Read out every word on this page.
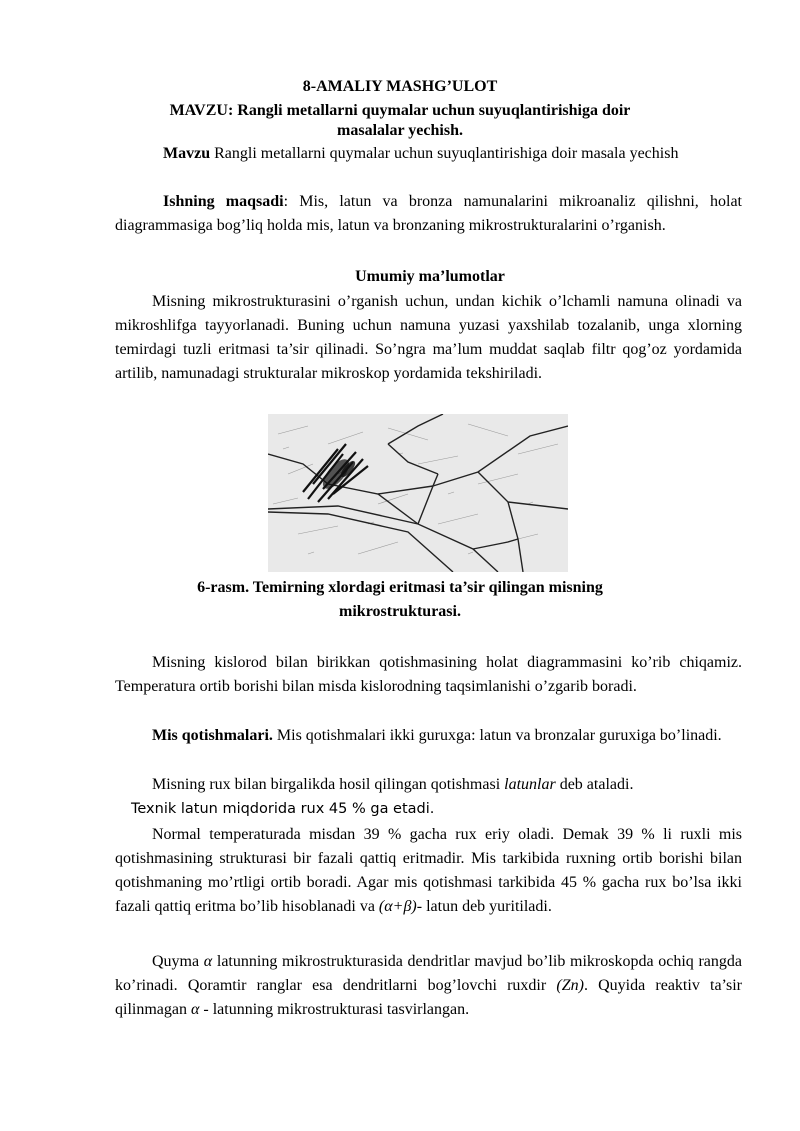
8-AMALIY MASHG’ULOT
MAVZU: Rangli metallarni quymalar uchun suyuqlantirishiga doir
masalalar yechish.

Mavzu Rangli metallarni quymalar uchun suyuqlantirishiga doir masala yechish

Ishning maqsadi: Mis, latun va bronza namunalarini mikroanaliz qilishni, holat diagrammasiga bog’liq holda mis, latun va bronzaning mikrostrukturalarini o’rganish.

Umumiy ma’lumotlar

Misning mikrostrukturasini o’rganish uchun, undan kichik o’lchamli namuna olinadi va mikroshlifga tayyorlanadi. Buning uchun namuna yuzasi yaxshilab tozalanib, unga xlorning temirdagi tuzli eritmasi ta’sir qilinadi. So’ngra ma’lum muddat saqlab filtr qog’oz yordamida artilib, namunadagi strukturalar mikroskop yordamida tekshiriladi.

6-rasm. Temirning xlordagi eritmasi ta’sir qilingan misning
mikrostrukturasi.

Misning kislorod bilan birikkan qotishmasining holat diagrammasini ko’rib chiqamiz. Temperatura ortib borishi bilan misda kislorodning taqsimlanishi o’zgarib boradi.

Mis qotishmalari. Mis qotishmalari ikki guruxga: latun va bronzalar guruxiga bo’linadi.

Misning rux bilan birgalikda hosil qilingan qotishmasi latunlar deb ataladi.

Texnik latun miqdorida rux 45 % ga etadi.

Normal temperaturada misdan 39 % gacha rux eriy oladi. Demak 39 % li ruxli mis qotishmasining strukturasi bir fazali qattiq eritmadir. Mis tarkibida ruxning ortib borishi bilan qotishmaning mo’rtligi ortib boradi. Agar mis qotishmasi tarkibida 45 % gacha rux bo’lsa ikki fazali qattiq eritma bo’lib hisoblanadi va (α+β)- latun deb yuritiladi.

Quyma α latunning mikrostrukturasida dendritlar mavjud bo’lib mikroskopda ochiq rangda ko’rinadi. Qoramtir ranglar esa dendritlarni bog’lovchi ruxdir (Zn). Quyida reaktiv ta’sir qilinmagan α - latunning mikrostrukturasi tasvirlangan.
